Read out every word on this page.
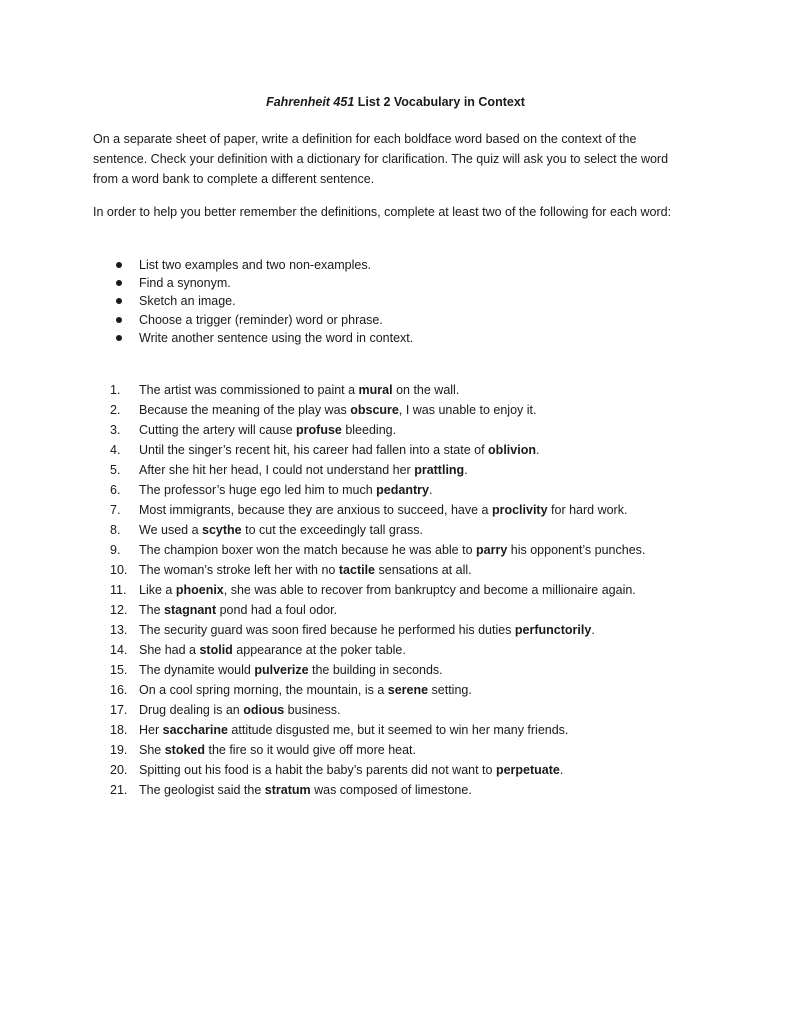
Fahrenheit 451 List 2 Vocabulary in Context

On a separate sheet of paper, write a definition for each boldface word based on the context of the sentence. Check your definition with a dictionary for clarification. The quiz will ask you to select the word from a word bank to complete a different sentence.

In order to help you better remember the definitions, complete at least two of the following for each word:

List two examples and two non-examples.
Find a synonym.
Sketch an image.
Choose a trigger (reminder) word or phrase.
Write another sentence using the word in context.
1.	The artist was commissioned to paint a mural on the wall.
2.	Because the meaning of the play was obscure, I was unable to enjoy it.
3.	Cutting the artery will cause profuse bleeding.
4.	Until the singer’s recent hit, his career had fallen into a state of oblivion.
5.	After she hit her head, I could not understand her prattling.
6.	The professor’s huge ego led him to much pedantry.
7.	Most immigrants, because they are anxious to succeed, have a proclivity for hard work.
8.	We used a scythe to cut the exceedingly tall grass.
9.	The champion boxer won the match because he was able to parry his opponent’s punches.
10. The woman’s stroke left her with no tactile sensations at all.
11.	Like a phoenix, she was able to recover from bankruptcy and become a millionaire again.
12. The stagnant pond had a foul odor.
13. The security guard was soon fired because he performed his duties perfunctorily.
14. She had a stolid appearance at the poker table.
15. The dynamite would pulverize the building in seconds.
16. On a cool spring morning, the mountain, is a serene setting.
17. Drug dealing is an odious business.
18. Her saccharine attitude disgusted me, but it seemed to win her many friends.
19. She stoked the fire so it would give off more heat.
20. Spitting out his food is a habit the baby’s parents did not want to perpetuate.
21. The geologist said the stratum was composed of limestone.
